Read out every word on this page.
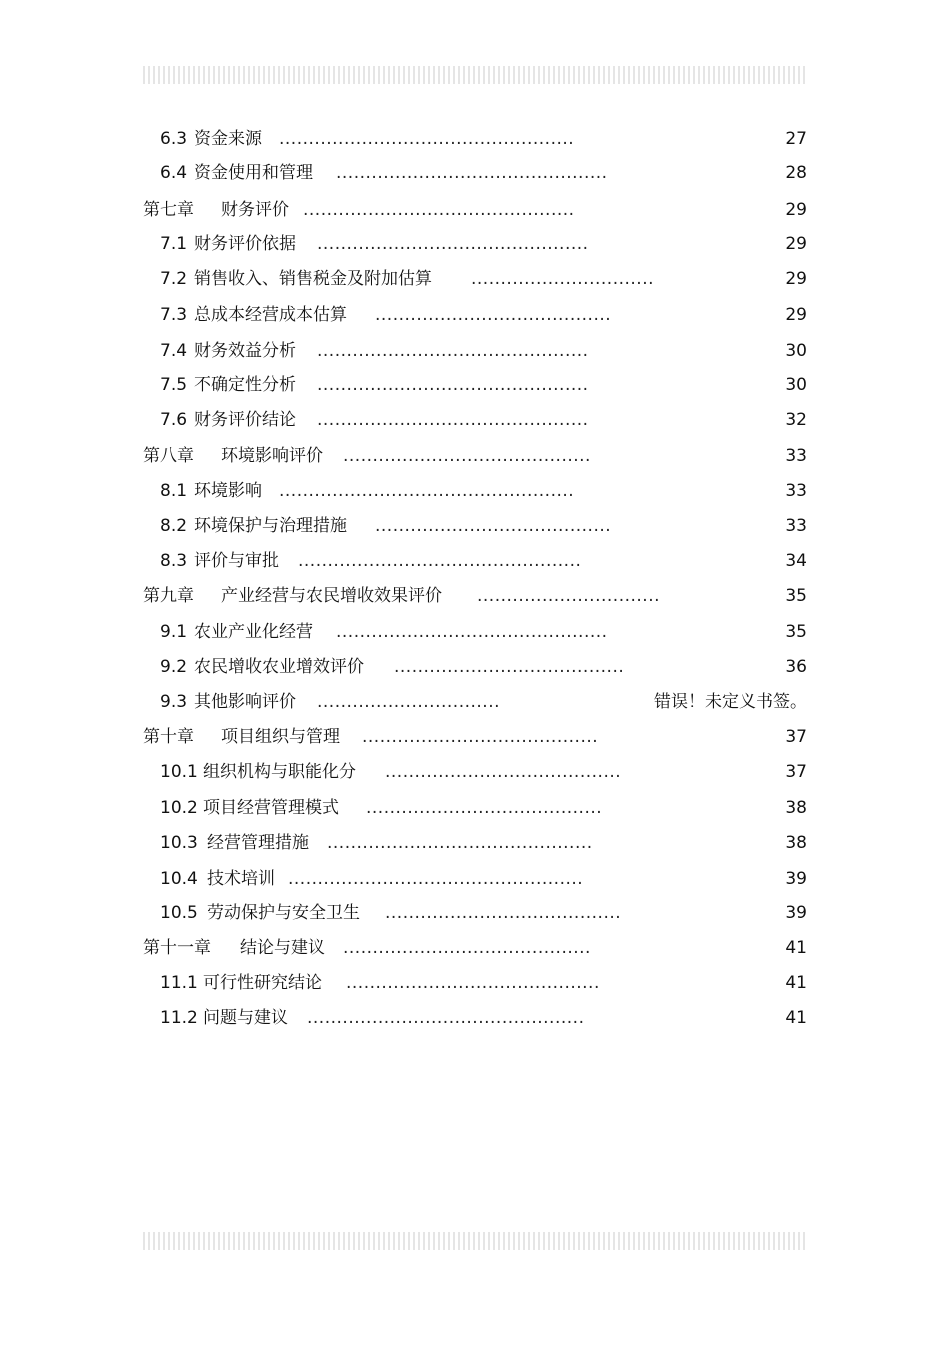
6.3 资金来源 ..................................................	27
6.4 资金使用和管理 ..............................................	28
第七章 财务评价 ..............................................	29
7.1 财务评价依据 ..............................................	29
7.2 销售收入、销售税金及附加估算 ...............................	29
7.3 总成本经营成本估算 ........................................	29
7.4 财务效益分析 ..............................................	30
7.5 不确定性分析 ..............................................	30
7.6 财务评价结论 ..............................................	32
第八章 环境影响评价 ..........................................	33
8.1 环境影响 ..................................................	33
8.2 环境保护与治理措施 ........................................	33
8.3 评价与审批 ................................................	34
第九章 产业经营与农民增收效果评价 ...............................	35
9.1 农业产业化经营 ..............................................	35
9.2 农民增收农业增效评价 .......................................	36
9.3 其他影响评价 ...............................	错误！未定义书签。
第十章 项目组织与管理 ........................................	37
10.1 组织机构与职能化分 ........................................	37
10.2 项目经营管理模式 ........................................	38
10.3 经营管理措施 .............................................	38
10.4 技术培训 ..................................................	39
10.5 劳动保护与安全卫生 ........................................	39
第十一章 结论与建议 ..........................................	41
11.1 可行性研究结论 ...........................................	41
11.2 问题与建议 ...............................................	41
